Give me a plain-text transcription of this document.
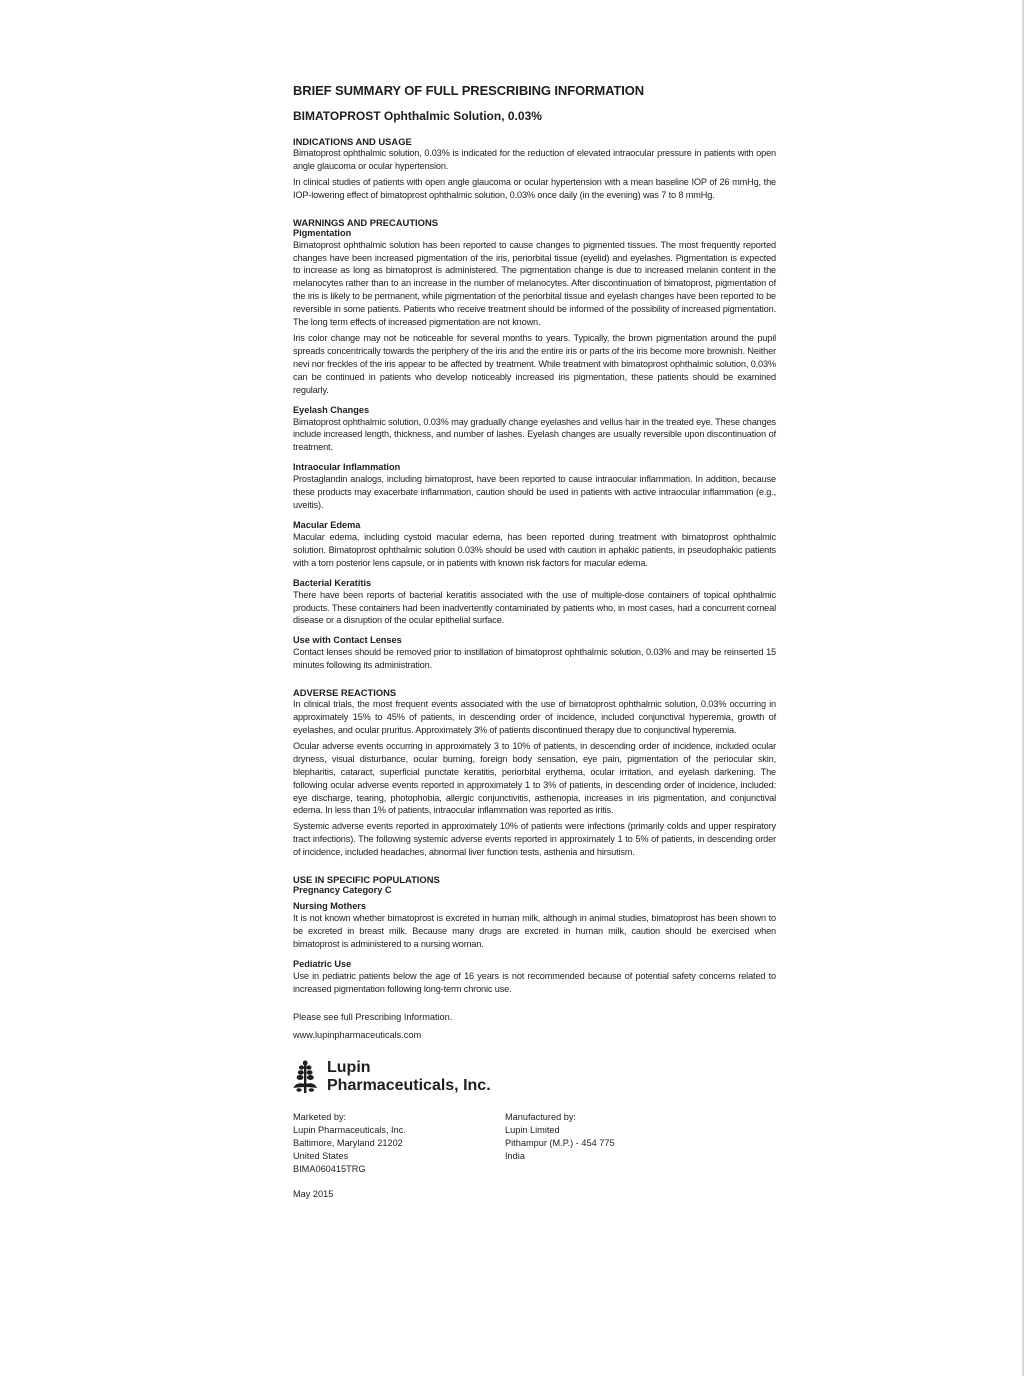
BRIEF SUMMARY OF FULL PRESCRIBING INFORMATION
BIMATOPROST Ophthalmic Solution, 0.03%
INDICATIONS AND USAGE

Bimatoprost ophthalmic solution, 0.03% is indicated for the reduction of elevated intraocular pressure in patients with open angle glaucoma or ocular hypertension.

In clinical studies of patients with open angle glaucoma or ocular hypertension with a mean baseline IOP of 26 mmHg, the IOP-lowering effect of bimatoprost ophthalmic solution, 0.03% once daily (in the evening) was 7 to 8 mmHg.

WARNINGS AND PRECAUTIONS
Pigmentation

Bimatoprost ophthalmic solution has been reported to cause changes to pigmented tissues. The most frequently reported changes have been increased pigmentation of the iris, periorbital tissue (eyelid) and eyelashes. Pigmentation is expected to increase as long as bimatoprost is administered. The pigmentation change is due to increased melanin content in the melanocytes rather than to an increase in the number of melanocytes. After discontinuation of bimatoprost, pigmentation of the iris is likely to be permanent, while pigmentation of the periorbital tissue and eyelash changes have been reported to be reversible in some patients. Patients who receive treatment should be informed of the possibility of increased pigmentation. The long term effects of increased pigmentation are not known.

Iris color change may not be noticeable for several months to years. Typically, the brown pigmentation around the pupil spreads concentrically towards the periphery of the iris and the entire iris or parts of the iris become more brownish. Neither nevi nor freckles of the iris appear to be affected by treatment. While treatment with bimatoprost ophthalmic solution, 0.03% can be continued in patients who develop noticeably increased iris pigmentation, these patients should be examined regularly.

Eyelash Changes

Bimatoprost ophthalmic solution, 0.03% may gradually change eyelashes and vellus hair in the treated eye. These changes include increased length, thickness, and number of lashes. Eyelash changes are usually reversible upon discontinuation of treatment.

Intraocular Inflammation

Prostaglandin analogs, including bimatoprost, have been reported to cause intraocular inflammation. In addition, because these products may exacerbate inflammation, caution should be used in patients with active intraocular inflammation (e.g., uveitis).

Macular Edema

Macular edema, including cystoid macular edema, has been reported during treatment with bimatoprost ophthalmic solution. Bimatoprost ophthalmic solution 0.03% should be used with caution in aphakic patients, in pseudophakic patients with a torn posterior lens capsule, or in patients with known risk factors for macular edema.

Bacterial Keratitis

There have been reports of bacterial keratitis associated with the use of multiple-dose containers of topical ophthalmic products. These containers had been inadvertently contaminated by patients who, in most cases, had a concurrent corneal disease or a disruption of the ocular epithelial surface.

Use with Contact Lenses

Contact lenses should be removed prior to instillation of bimatoprost ophthalmic solution, 0.03% and may be reinserted 15 minutes following its administration.

ADVERSE REACTIONS

In clinical trials, the most frequent events associated with the use of bimatoprost ophthalmic solution, 0.03% occurring in approximately 15% to 45% of patients, in descending order of incidence, included conjunctival hyperemia, growth of eyelashes, and ocular pruritus. Approximately 3% of patients discontinued therapy due to conjunctival hyperemia.

Ocular adverse events occurring in approximately 3 to 10% of patients, in descending order of incidence, included ocular dryness, visual disturbance, ocular burning, foreign body sensation, eye pain, pigmentation of the periocular skin, blepharitis, cataract, superficial punctate keratitis, periorbital erythema, ocular irritation, and eyelash darkening. The following ocular adverse events reported in approximately 1 to 3% of patients, in descending order of incidence, included: eye discharge, tearing, photophobia, allergic conjunctivitis, asthenopia, increases in iris pigmentation, and conjunctival edema. In less than 1% of patients, intraocular inflammation was reported as iritis.

Systemic adverse events reported in approximately 10% of patients were infections (primarily colds and upper respiratory tract infections). The following systemic adverse events reported in approximately 1 to 5% of patients, in descending order of incidence, included headaches, abnormal liver function tests, asthenia and hirsutism.

USE IN SPECIFIC POPULATIONS
Pregnancy Category C
Nursing Mothers

It is not known whether bimatoprost is excreted in human milk, although in animal studies, bimatoprost has been shown to be excreted in breast milk. Because many drugs are excreted in human milk, caution should be exercised when bimatoprost is administered to a nursing woman.

Pediatric Use

Use in pediatric patients below the age of 16 years is not recommended because of potential safety concerns related to increased pigmentation following long-term chronic use.

Please see full Prescribing Information.

www.lupinpharmaceuticals.com

Lupin
Pharmaceuticals, Inc.
Marketed by:
Lupin Pharmaceuticals, Inc.
Baltimore, Maryland 21202
United States
BIMA060415TRG
Manufactured by:
Lupin Limited
Pithampur (M.P.) - 454 775
India
May 2015
